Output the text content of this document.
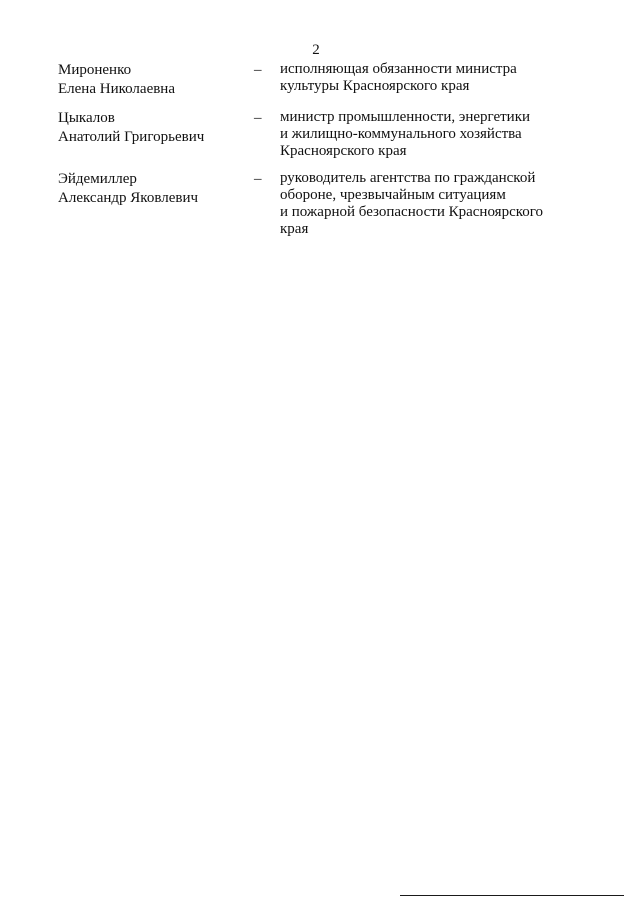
2
Мироненко
Елена Николаевна
– исполняющая обязанности министра
культуры Красноярского края
Цыкалов
Анатолий Григорьевич
– министр промышленности, энергетики
и жилищно-коммунального хозяйства
Красноярского края
Эйдемиллер
Александр Яковлевич
– руководитель агентства по гражданской
обороне, чрезвычайным ситуациям
и пожарной безопасности Красноярского
края
